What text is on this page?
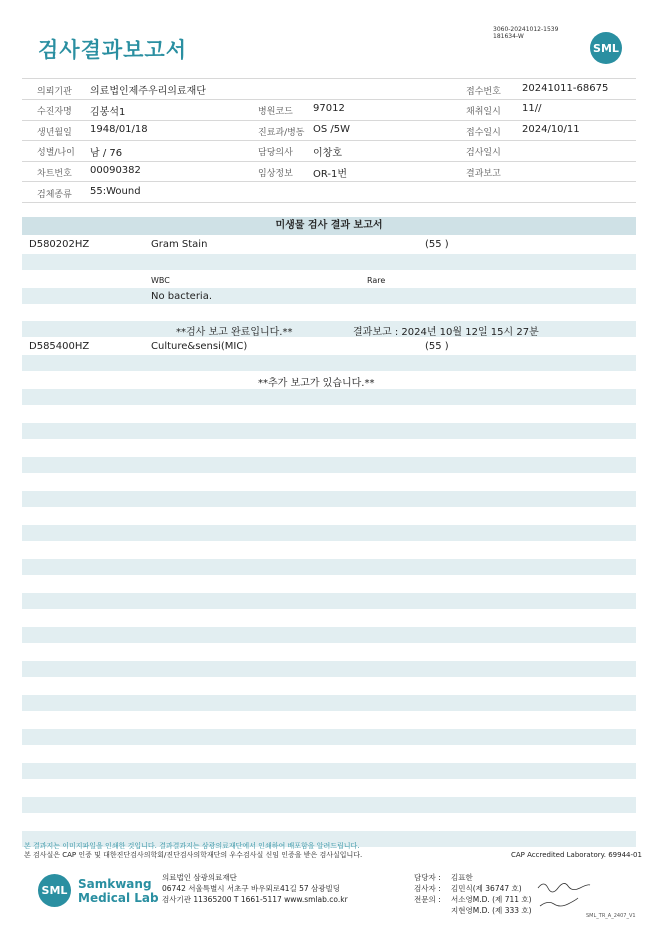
검사결과보고서
3060-20241012-1539
181634-W
SML
의뢰기관 의료법인제주우리의료재단	접수번호 20241011-68675
수진자명 김봉석1	병원코드 97012	채취일시 11//
생년월일 1948/01/18	진료과/병동 OS /5W	접수일시 2024/10/11
성별/나이 남 / 76	담당의사 이창호	검사일시
차트번호 00090382	임상정보 OR-1번	결과보고
검체종류 55:Wound
미생물 검사 결과 보고서
D580202HZ	Gram Stain	(55 )
WBC	Rare
No bacteria.
**검사 보고 완료입니다.**	결과보고 : 2024년 10월 12일 15시 27분
D585400HZ	Culture&sensi(MIC)	(55 )
**추가 보고가 있습니다.**
본 결과지는 이미지파일을 인쇄한 것입니다. 결과결과지는 삼광의료재단에서 인쇄하여 배포함을 알려드립니다.
본 검사실은 CAP 인증 및 대한진단검사의학회/진단검사의학재단의 우수검사실 신임 인증을 받은 검사실입니다.	CAP Accredited Laboratory. 69944-01
SML Samkwang
Medical Lab
의료법인 삼광의료재단
06742 서울특별시 서초구 바우뫼로41길 57 삼광빌딩
검사기관 11365200 T 1661-5117 www.smlab.co.kr
담당자 : 김표한
검사자 : 김민식(제 36747 호)
전문의 : 서소영M.D. (제 711 호)
지현영M.D. (제 333 호)
SML_TR_A_2407_V1
